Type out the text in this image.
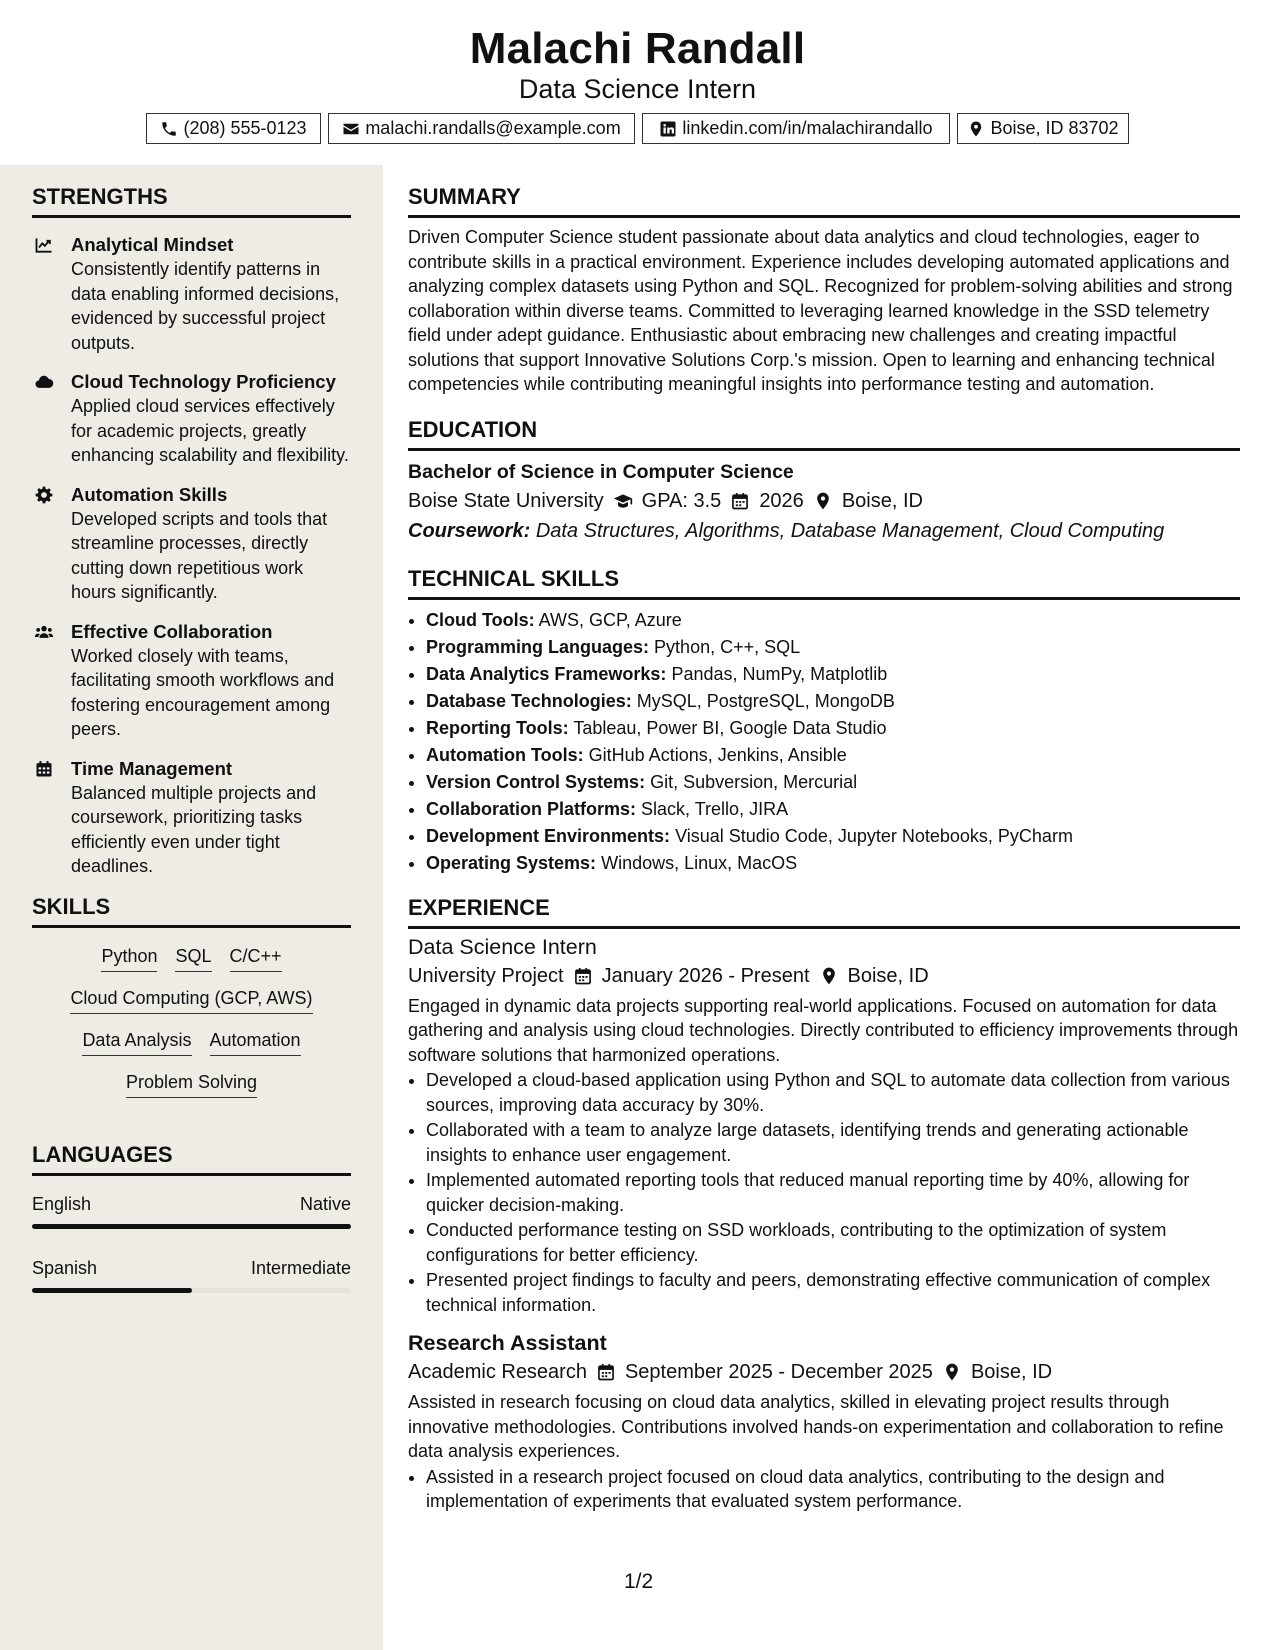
Malachi Randall
Data Science Intern
(208) 555-0123	malachi.randalls@example.com	linkedin.com/in/malachirandallo	Boise, ID 83702
STRENGTHS
Analytical Mindset
Consistently identify patterns in data enabling informed decisions, evidenced by successful project outputs.
Cloud Technology Proficiency
Applied cloud services effectively for academic projects, greatly enhancing scalability and flexibility.
Automation Skills
Developed scripts and tools that streamline processes, directly cutting down repetitious work hours significantly.
Effective Collaboration
Worked closely with teams, facilitating smooth workflows and fostering encouragement among peers.
Time Management
Balanced multiple projects and coursework, prioritizing tasks efficiently even under tight deadlines.
SKILLS
Python SQL C/C++
Cloud Computing (GCP, AWS)
Data Analysis Automation
Problem Solving
LANGUAGES
English	Native
Spanish	Intermediate
SUMMARY
Driven Computer Science student passionate about data analytics and cloud technologies, eager to contribute skills in a practical environment. Experience includes developing automated applications and analyzing complex datasets using Python and SQL. Recognized for problem-solving abilities and strong collaboration within diverse teams. Committed to leveraging learned knowledge in the SSD telemetry field under adept guidance. Enthusiastic about embracing new challenges and creating impactful solutions that support Innovative Solutions Corp.'s mission. Open to learning and enhancing technical competencies while contributing meaningful insights into performance testing and automation.
EDUCATION
Bachelor of Science in Computer Science
Boise State University GPA: 3.5 2026 Boise, ID
Coursework: Data Structures, Algorithms, Database Management, Cloud Computing
TECHNICAL SKILLS
• Cloud Tools: AWS, GCP, Azure
• Programming Languages: Python, C++, SQL
• Data Analytics Frameworks: Pandas, NumPy, Matplotlib
• Database Technologies: MySQL, PostgreSQL, MongoDB
• Reporting Tools: Tableau, Power BI, Google Data Studio
• Automation Tools: GitHub Actions, Jenkins, Ansible
• Version Control Systems: Git, Subversion, Mercurial
• Collaboration Platforms: Slack, Trello, JIRA
• Development Environments: Visual Studio Code, Jupyter Notebooks, PyCharm
• Operating Systems: Windows, Linux, MacOS
EXPERIENCE
Data Science Intern
University Project January 2026 - Present Boise, ID
Engaged in dynamic data projects supporting real-world applications. Focused on automation for data gathering and analysis using cloud technologies. Directly contributed to efficiency improvements through software solutions that harmonized operations.
• Developed a cloud-based application using Python and SQL to automate data collection from various sources, improving data accuracy by 30%.
• Collaborated with a team to analyze large datasets, identifying trends and generating actionable insights to enhance user engagement.
• Implemented automated reporting tools that reduced manual reporting time by 40%, allowing for quicker decision-making.
• Conducted performance testing on SSD workloads, contributing to the optimization of system configurations for better efficiency.
• Presented project findings to faculty and peers, demonstrating effective communication of complex technical information.
Research Assistant
Academic Research September 2025 - December 2025 Boise, ID
Assisted in research focusing on cloud data analytics, skilled in elevating project results through innovative methodologies. Contributions involved hands-on experimentation and collaboration to refine data analysis experiences.
• Assisted in a research project focused on cloud data analytics, contributing to the design and implementation of experiments that evaluated system performance.
1/2
